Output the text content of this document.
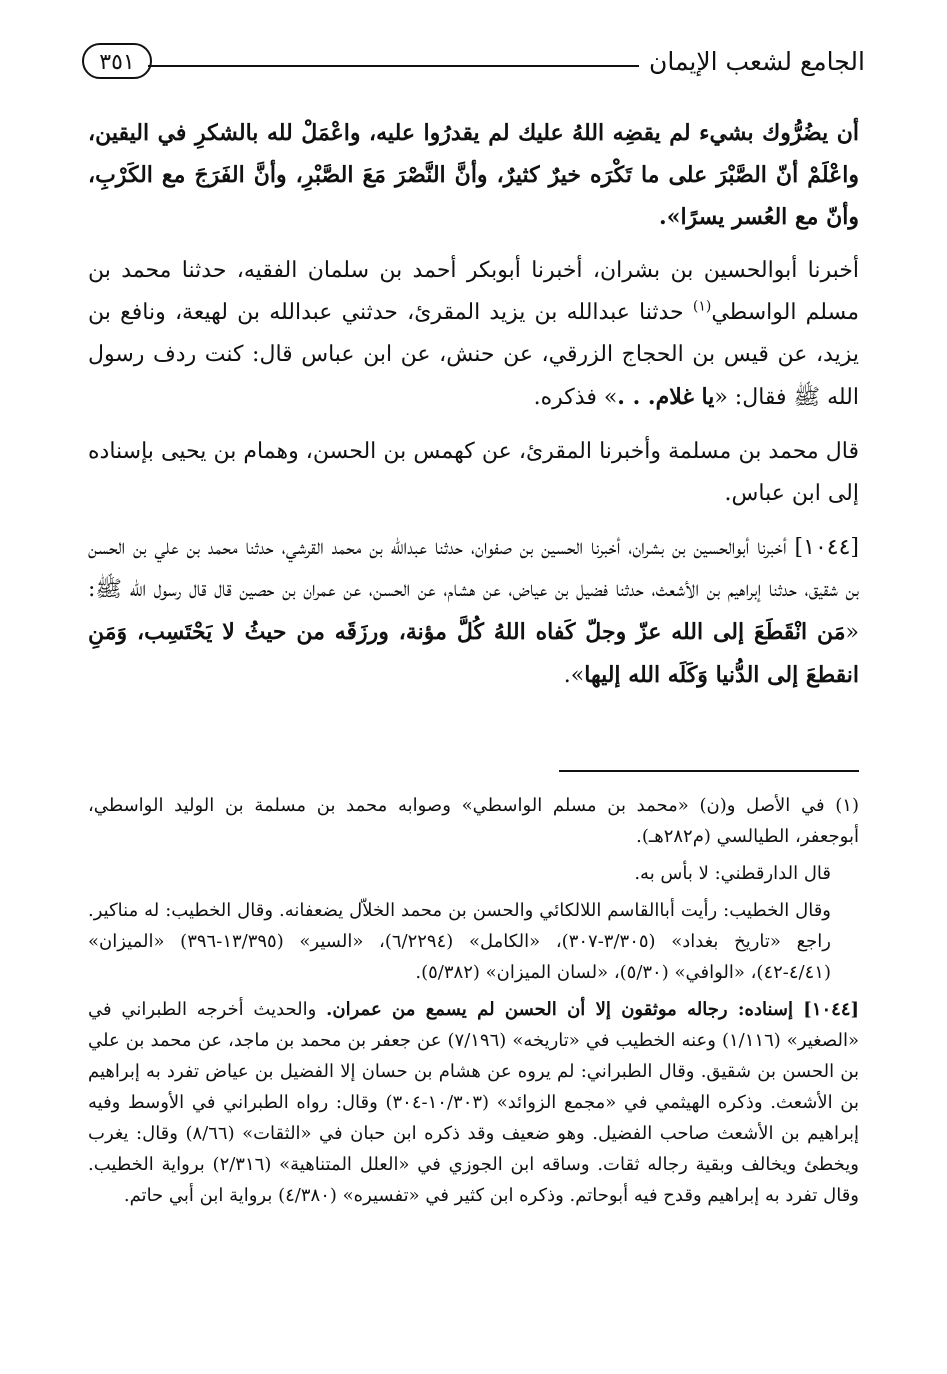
الجامع لشعب الإيمان
٣٥١

أن يضُرُّوك بشيء لم يقضِه اللهُ عليك لم يقدرُوا عليه، واعْمَلْ لله بالشكرِ في اليقين، واعْلَمْ أنّ الصَّبْرَ على ما تَكْرَه خيرٌ كثيرٌ، وأنَّ النَّصْرَ مَعَ الصَّبْرِ، وأنَّ الفَرَجَ مع الكَرْبِ، وأنّ مع العُسر يسرًا».

أخبرنا أبوالحسين بن بشران، أخبرنا أبوبكر أحمد بن سلمان الفقيه، حدثنا محمد بن مسلم الواسطي$^{(١)}$ حدثنا عبدالله بن يزيد المقرئ، حدثني عبدالله بن لهيعة، ونافع بن يزيد، عن قيس بن الحجاج الزرقي، عن حنش، عن ابن عباس قال: كنت ردف رسول الله ﷺ فقال: «يا غلام. . .» فذكره.

قال محمد بن مسلمة وأخبرنا المقرئ، عن كهمس بن الحسن، وهمام بن يحيى بإسناده إلى ابن عباس.

[١٠٤٤] أخبرنا أبوالحسين بن بشران، أخبرنا الحسين بن صفوان، حدثنا عبدالله بن محمد القرشي، حدثنا محمد بن علي بن الحسن بن شقيق، حدثنا إبراهيم بن الأشعث، حدثنا فضيل بن عياض، عن هشام، عن الحسن، عن عمران بن حصين قال قال رسول الله ﷺ: «مَن انْقَطَعَ إلى الله عزّ وجلّ كَفاه اللهُ كُلَّ مؤنة، ورزَقَه من حيثُ لا يَحْتَسِب، وَمَنِ انقطعَ إلى الدُّنيا وَكَلَه الله إليها».

(١) في الأصل و(ن) «محمد بن مسلم الواسطي» وصوابه محمد بن مسلمة بن الوليد الواسطي، أبوجعفر، الطيالسي (م٢٨٢هـ).

قال الدارقطني: لا بأس به.

وقال الخطيب: رأيت أباالقاسم اللالكائي والحسن بن محمد الخلاّل يضعفانه. وقال الخطيب: له مناكير. راجع «تاريخ بغداد» (٣/٣٠٥-٣٠٧)، «الكامل» (٦/٢٢٩٤)، «السير» (١٣/٣٩٥-٣٩٦) «الميزان» (٤/٤١-٤٢)، «الوافي» (٥/٣٠)، «لسان الميزان» (٥/٣٨٢).

[١٠٤٤] إسناده: رجاله موثقون إلا أن الحسن لم يسمع من عمران. والحديث أخرجه الطبراني في «الصغير» (١/١١٦) وعنه الخطيب في «تاريخه» (٧/١٩٦) عن جعفر بن محمد بن ماجد، عن محمد بن علي بن الحسن بن شقيق. وقال الطبراني: لم يروه عن هشام بن حسان إلا الفضيل بن عياض تفرد به إبراهيم بن الأشعث. وذكره الهيثمي في «مجمع الزوائد» (١٠/٣٠٣-٣٠٤) وقال: رواه الطبراني في الأوسط وفيه إبراهيم بن الأشعث صاحب الفضيل. وهو ضعيف وقد ذكره ابن حبان في «الثقات» (٨/٦٦) وقال: يغرب ويخطئ ويخالف وبقية رجاله ثقات. وساقه ابن الجوزي في «العلل المتناهية» (٢/٣١٦) برواية الخطيب. وقال تفرد به إبراهيم وقدح فيه أبوحاتم. وذكره ابن كثير في «تفسيره» (٤/٣٨٠) برواية ابن أبي حاتم.
